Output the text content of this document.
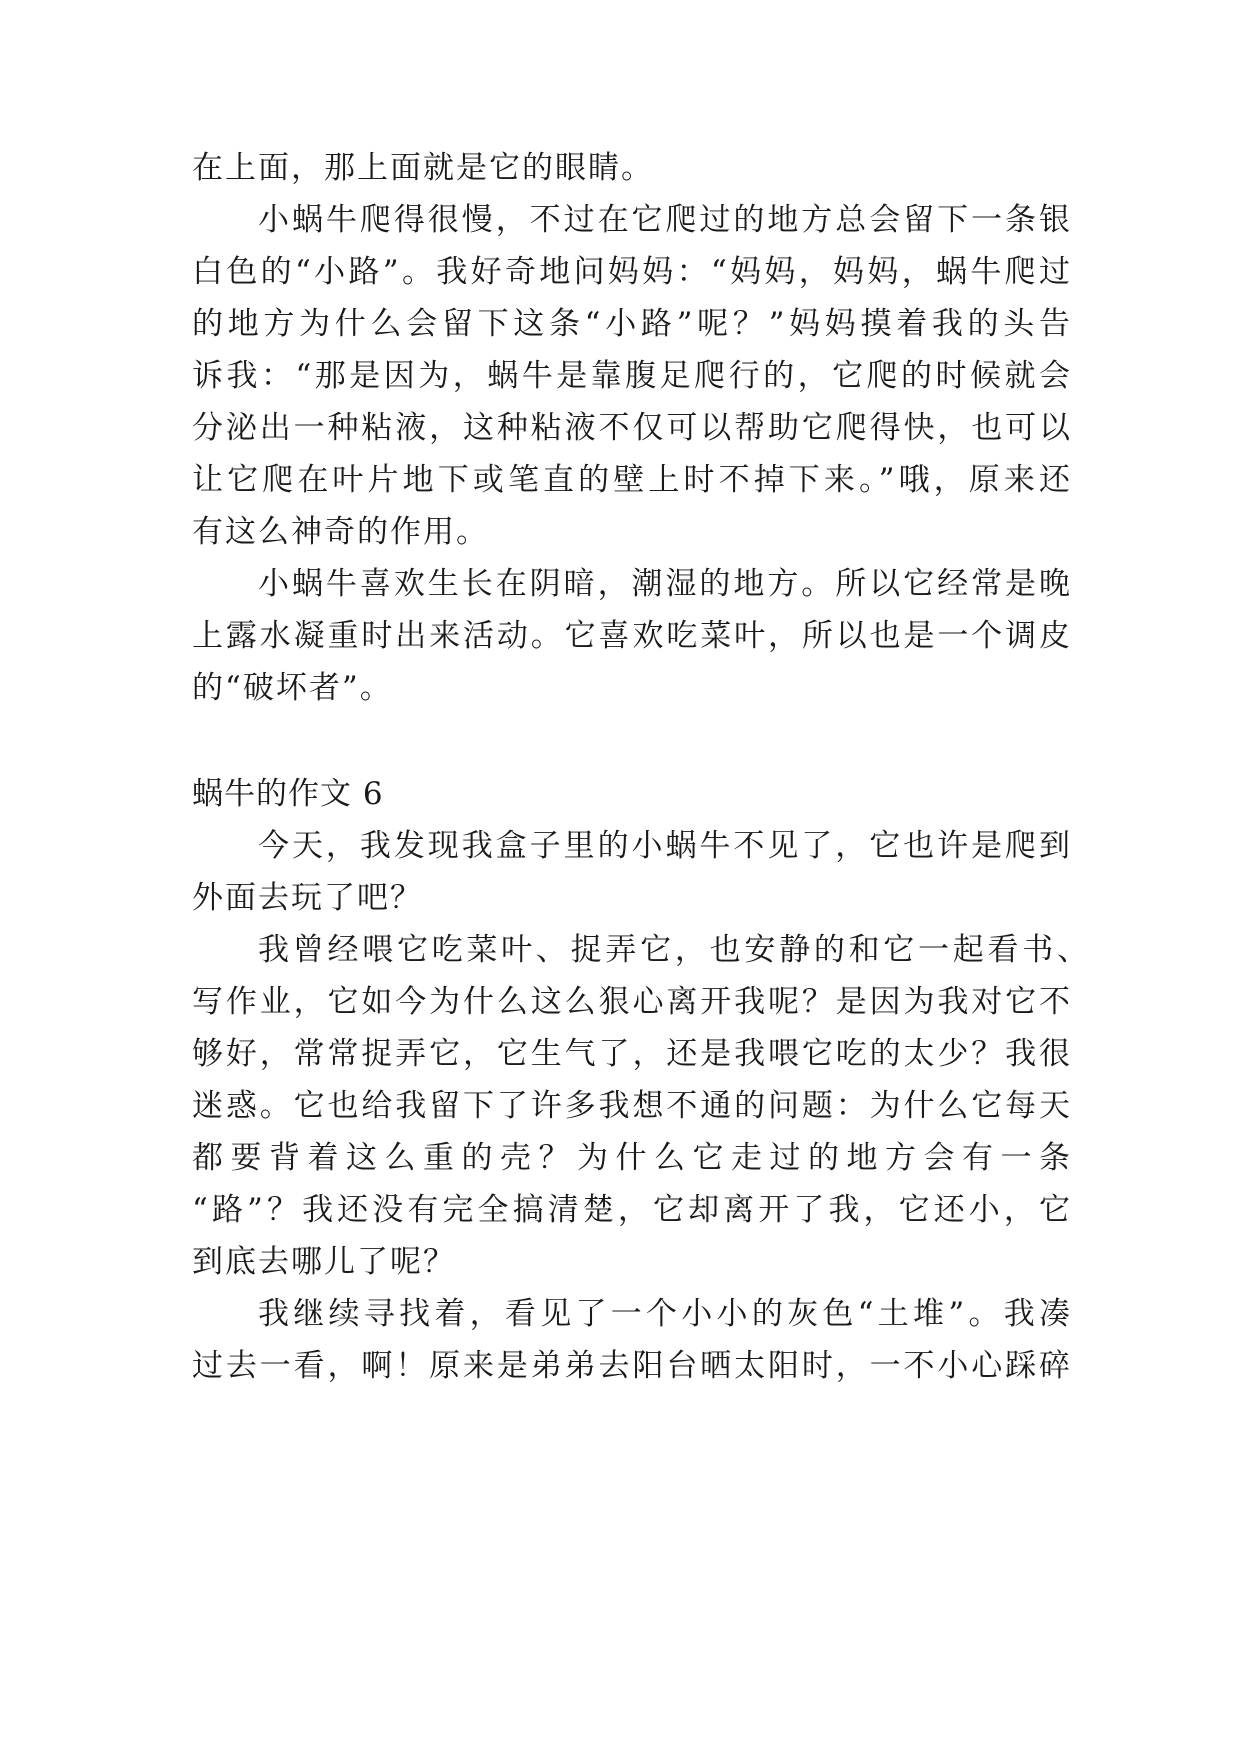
在上面，那上面就是它的眼睛。
小蜗牛爬得很慢，不过在它爬过的地方总会留下一条银
白色的“小路”。我好奇地问妈妈：“妈妈，妈妈，蜗牛爬过
的地方为什么会留下这条“小路”呢？”妈妈摸着我的头告
诉我：“那是因为，蜗牛是靠腹足爬行的，它爬的时候就会
分泌出一种粘液，这种粘液不仅可以帮助它爬得快，也可以
让它爬在叶片地下或笔直的壁上时不掉下来。”哦，原来还
有这么神奇的作用。
小蜗牛喜欢生长在阴暗，潮湿的地方。所以它经常是晚
上露水凝重时出来活动。它喜欢吃菜叶，所以也是一个调皮
的“破坏者”。
蜗牛的作文 6
今天，我发现我盒子里的小蜗牛不见了，它也许是爬到
外面去玩了吧？
我曾经喂它吃菜叶、捉弄它，也安静的和它一起看书、
写作业，它如今为什么这么狠心离开我呢？是因为我对它不
够好，常常捉弄它，它生气了，还是我喂它吃的太少？我很
迷惑。它也给我留下了许多我想不通的问题：为什么它每天
都要背着这么重的壳？为什么它走过的地方会有一条
“路”？我还没有完全搞清楚，它却离开了我，它还小，它
到底去哪儿了呢？
我继续寻找着，看见了一个小小的灰色“土堆”。我凑
过去一看，啊！原来是弟弟去阳台晒太阳时，一不小心踩碎
